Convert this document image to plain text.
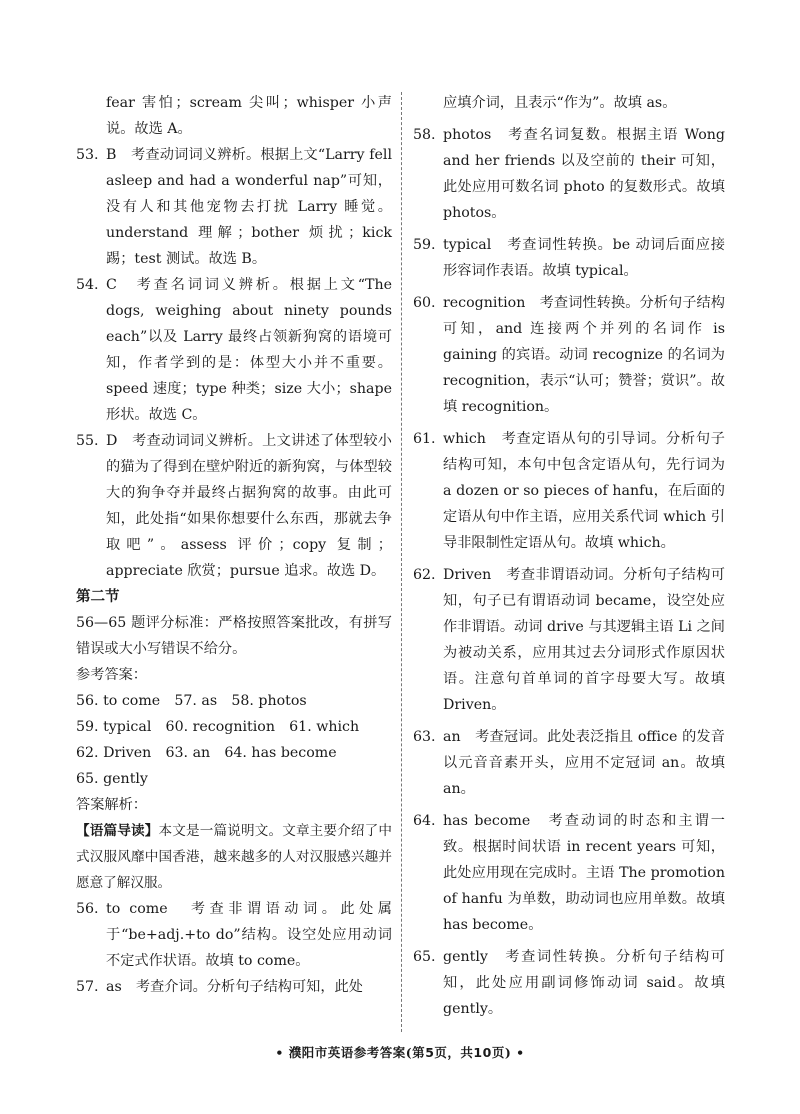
fear 害怕；scream 尖叫；whisper 小声说。故选 A。
53. B　考查动词词义辨析。根据上文“Larry fell asleep and had a wonderful nap”可知，没有人和其他宠物去打扰 Larry 睡觉。understand 理解；bother 烦扰；kick 踢；test 测试。故选 B。
54. C　考查名词词义辨析。根据上文“The dogs, weighing about ninety pounds each”以及 Larry 最终占领新狗窝的语境可知，作者学到的是：体型大小并不重要。speed 速度；type 种类；size 大小；shape 形状。故选 C。
55. D　考查动词词义辨析。上文讲述了体型较小的猫为了得到在壁炉附近的新狗窝，与体型较大的狗争夺并最终占据狗窝的故事。由此可知，此处指“如果你想要什么东西，那就去争取吧”。assess 评价；copy 复制；appreciate 欣赏；pursue 追求。故选 D。
第二节
56—65 题评分标准：严格按照答案批改，有拼写错误或大小写错误不给分。
参考答案：
56. to come　57. as　58. photos
59. typical　60. recognition　61. which
62. Driven　63. an　64. has become
65. gently
答案解析：
【语篇导读】本文是一篇说明文。文章主要介绍了中式汉服风靡中国香港，越来越多的人对汉服感兴趣并愿意了解汉服。
56. to come　考查非谓语动词。此处属于“be+adj.+to do”结构。设空处应用动词不定式作状语。故填 to come。
57. as　考查介词。分析句子结构可知，此处
应填介词，且表示“作为”。故填 as。
58. photos　考查名词复数。根据主语 Wong and her friends 以及空前的 their 可知，此处应用可数名词 photo 的复数形式。故填 photos。
59. typical　考查词性转换。be 动词后面应接形容词作表语。故填 typical。
60. recognition　考查词性转换。分析句子结构可知，and 连接两个并列的名词作 is gaining 的宾语。动词 recognize 的名词为 recognition，表示“认可；赞誉；赏识”。故填 recognition。
61. which　考查定语从句的引导词。分析句子结构可知，本句中包含定语从句，先行词为 a dozen or so pieces of hanfu，在后面的定语从句中作主语，应用关系代词 which 引导非限制性定语从句。故填 which。
62. Driven　考查非谓语动词。分析句子结构可知，句子已有谓语动词 became，设空处应作非谓语。动词 drive 与其逻辑主语 Li 之间为被动关系，应用其过去分词形式作原因状语。注意句首单词的首字母要大写。故填 Driven。
63. an　考查冠词。此处表泛指且 office 的发音以元音音素开头，应用不定冠词 an。故填 an。
64. has become　考查动词的时态和主谓一致。根据时间状语 in recent years 可知，此处应用现在完成时。主语 The promotion of hanfu 为单数，助动词也应用单数。故填 has become。
65. gently　考查词性转换。分析句子结构可知，此处应用副词修饰动词 said。故填 gently。
• 濮阳市英语参考答案(第5页，共10页) •
